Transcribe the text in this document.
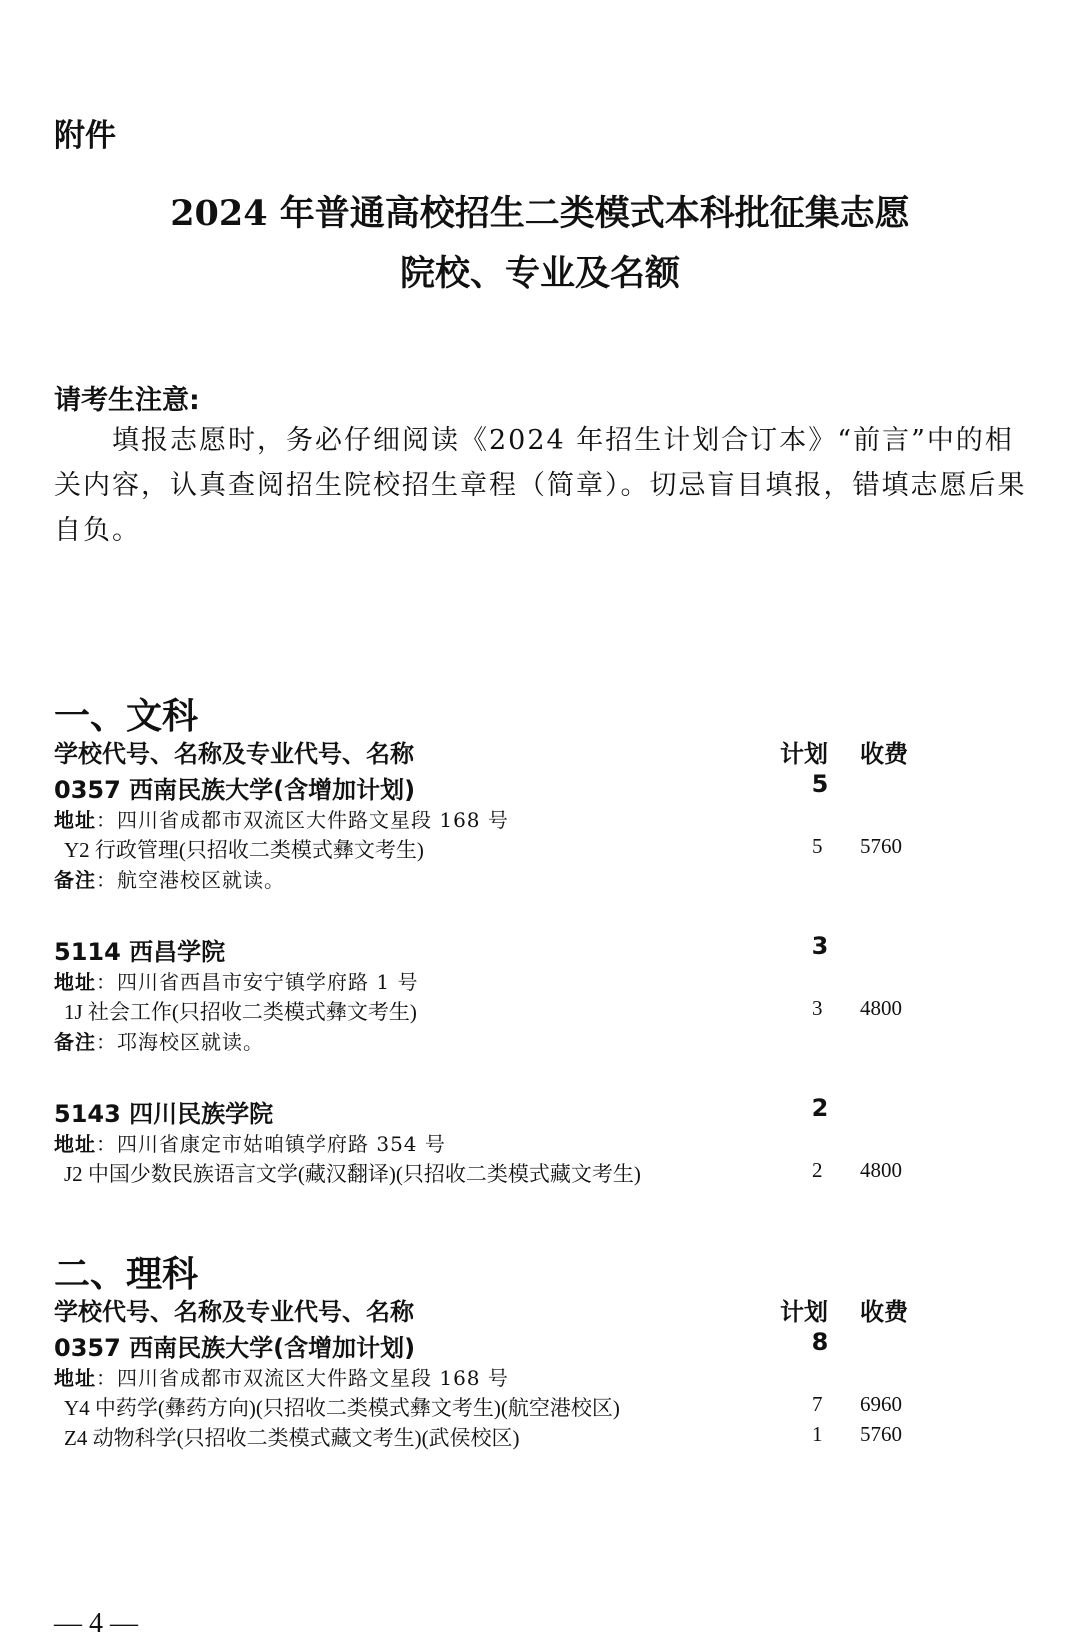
附件
2024 年普通高校招生二类模式本科批征集志愿
院校、专业及名额
请考生注意:
填报志愿时，务必仔细阅读《2024 年招生计划合订本》“前言”中的相关内容，认真查阅招生院校招生章程（简章）。切忌盲目填报，错填志愿后果自负。
一、文科
学校代号、名称及专业代号、名称	计划 收费
0357 西南民族大学(含增加计划)	5
地址：四川省成都市双流区大件路文星段 168 号
Y2 行政管理(只招收二类模式彝文考生)	5 5760
备注：航空港校区就读。
5114 西昌学院	3
地址：四川省西昌市安宁镇学府路 1 号
1J 社会工作(只招收二类模式彝文考生)	3 4800
备注：邛海校区就读。
5143 四川民族学院	2
地址：四川省康定市姑咱镇学府路 354 号
J2 中国少数民族语言文学(藏汉翻译)(只招收二类模式藏文考生)	2 4800
二、理科
学校代号、名称及专业代号、名称	计划 收费
0357 西南民族大学(含增加计划)	8
地址：四川省成都市双流区大件路文星段 168 号
Y4 中药学(彝药方向)(只招收二类模式彝文考生)(航空港校区)	7 6960
Z4 动物科学(只招收二类模式藏文考生)(武侯校区)	1 5760
— 4 —
